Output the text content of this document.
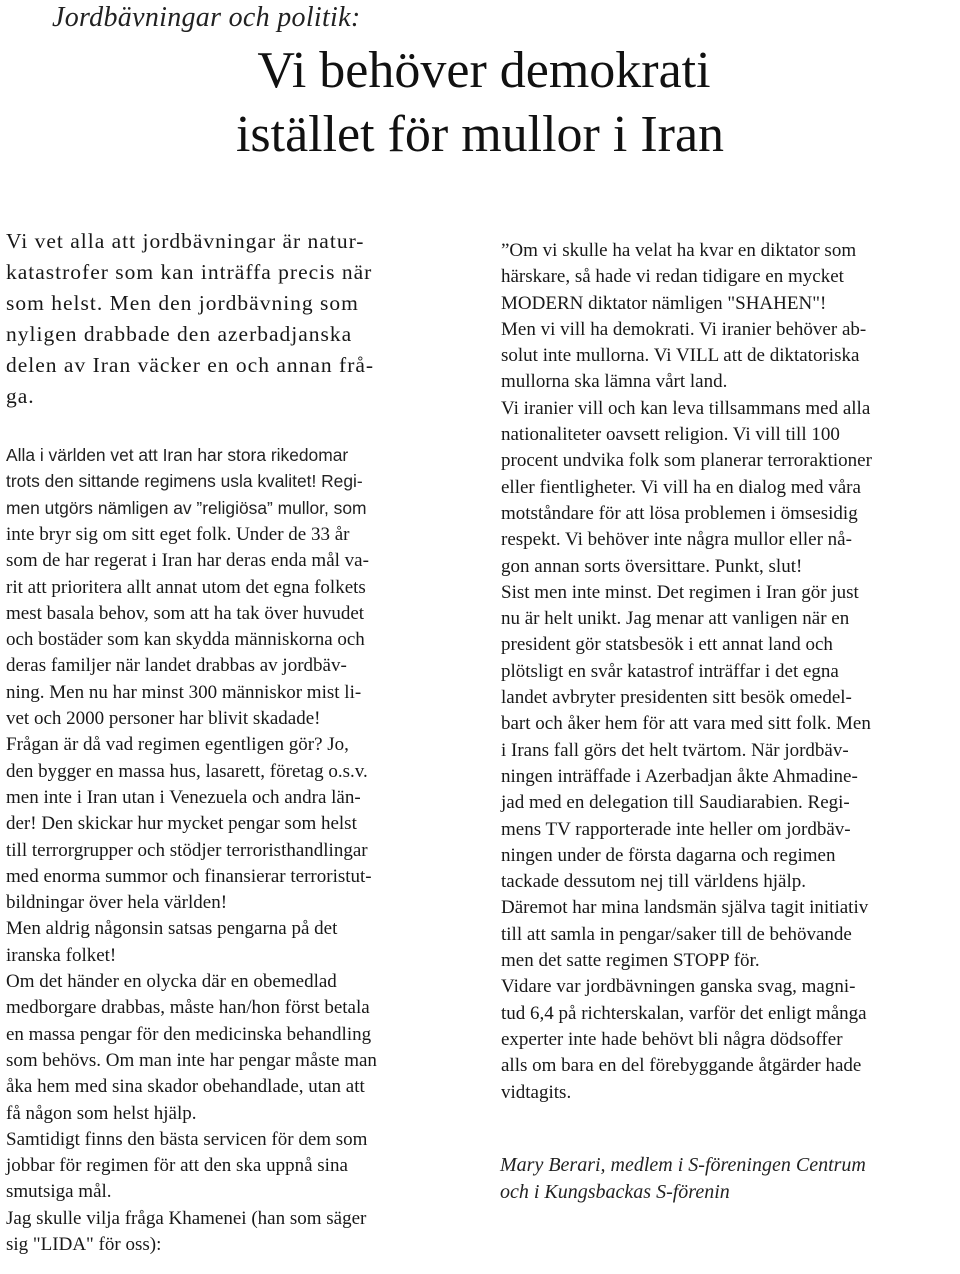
Jordbävningar och politik:
Vi behöver demokrati
istället för mullor i Iran
Vi vet alla att jordbävningar är natur-
katastrofer som kan inträffa precis när
som helst. Men den jordbävning som
nyligen drabbade den azerbadjanska
delen av Iran väcker en och annan frå-
ga.
Alla i världen vet att Iran har stora rikedomar
trots den sittande regimens usla kvalitet! Regi-
men utgörs nämligen av ”religiösa” mullor, som
inte bryr sig om sitt eget folk. Under de 33 år
som de har regerat i Iran har deras enda mål va-
rit att prioritera allt annat utom det egna folkets
mest basala behov, som att ha tak över huvudet
och bostäder som kan skydda människorna och
deras familjer när landet drabbas av jordbäv-
ning. Men nu har minst 300 människor mist li-
vet och 2000 personer har blivit skadade!
Frågan är då vad regimen egentligen gör? Jo,
den bygger en massa hus, lasarett, företag o.s.v.
men inte i Iran utan i Venezuela och andra län-
der! Den skickar hur mycket pengar som helst
till terrorgrupper och stödjer terroristhandlingar
med enorma summor och finansierar terroristut-
bildningar över hela världen!
Men aldrig någonsin satsas pengarna på det
iranska folket!
Om det händer en olycka där en obemedlad
medborgare drabbas, måste han/hon först betala
en massa pengar för den medicinska behandling
som behövs. Om man inte har pengar måste man
åka hem med sina skador obehandlade, utan att
få någon som helst hjälp.
Samtidigt finns den bästa servicen för dem som
jobbar för regimen för att den ska uppnå sina
smutsiga mål.
Jag skulle vilja fråga Khamenei (han som säger
sig "LIDA" för oss):
”Om vi skulle ha velat ha kvar en diktator som
härskare, så hade vi redan tidigare en mycket
MODERN diktator nämligen "SHAHEN"!
Men vi vill ha demokrati. Vi iranier behöver ab-
solut inte mullorna. Vi VILL att de diktatoriska
mullorna ska lämna vårt land.
Vi iranier vill och kan leva tillsammans med alla
nationaliteter oavsett religion. Vi vill till 100
procent undvika folk som planerar terroraktioner
eller fientligheter. Vi vill ha en dialog med våra
motståndare för att lösa problemen i ömsesidig
respekt. Vi behöver inte några mullor eller nå-
gon annan sorts översittare. Punkt, slut!
Sist men inte minst. Det regimen i Iran gör just
nu är helt unikt. Jag menar att vanligen när en
president gör statsbesök i ett annat land och
plötsligt en svår katastrof inträffar i det egna
landet avbryter presidenten sitt besök omedel-
bart och åker hem för att vara med sitt folk. Men
i Irans fall görs det helt tvärtom. När jordbäv-
ningen inträffade i Azerbadjan åkte Ahmadine-
jad med en delegation till Saudiarabien. Regi-
mens TV rapporterade inte heller om jordbäv-
ningen under de första dagarna och regimen
tackade dessutom nej till världens hjälp.
Däremot har mina landsmän själva tagit initiativ
till att samla in pengar/saker till de behövande
men det satte regimen STOPP för.
Vidare var jordbävningen ganska svag, magni-
tud 6,4 på richterskalan, varför det enligt många
experter inte hade behövt bli några dödsoffer
alls om bara en del förebyggande åtgärder hade
vidtagits.
Mary Berari, medlem i S-föreningen Centrum
och i Kungsbackas S-förenin
